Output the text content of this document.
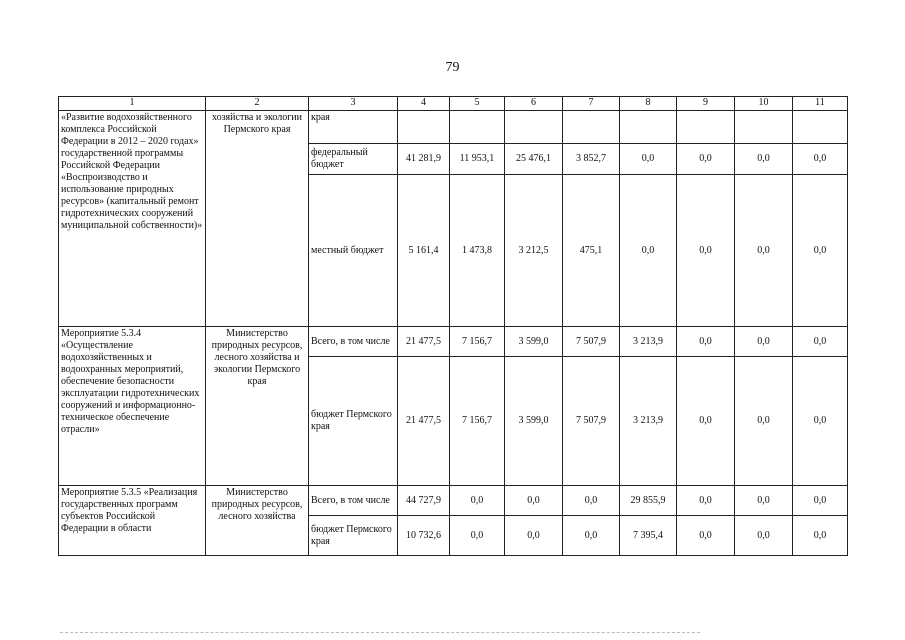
79
1	2	3	4	5	6	7	8	9	10	11
«Развитие водохозяйственного комплекса Российской Федерации в 2012 – 2020 годах» государственной программы Российской Федерации «Воспроизводство и использование природных ресурсов» (капитальный ремонт гидротехнических сооружений муниципальной собственности)»	хозяйства и экологии Пермского края	края								
		федеральный бюджет	41 281,9	11 953,1	25 476,1	3 852,7	0,0	0,0	0,0	0,0
		местный бюджет	5 161,4	1 473,8	3 212,5	475,1	0,0	0,0	0,0	0,0
Мероприятие 5.3.4 «Осуществление водохозяйственных и водоохранных мероприятий, обеспечение безопасности эксплуатации гидротехнических сооружений и информационно-техническое обеспечение отрасли»	Министерство природных ресурсов, лесного хозяйства и экологии Пермского края	Всего, в том числе	21 477,5	7 156,7	3 599,0	7 507,9	3 213,9	0,0	0,0	0,0
		бюджет Пермского края	21 477,5	7 156,7	3 599,0	7 507,9	3 213,9	0,0	0,0	0,0
Мероприятие 5.3.5 «Реализация государственных программ субъектов Российской Федерации в области	Министерство природных ресурсов, лесного хозяйства	Всего, в том числе	44 727,9	0,0	0,0	0,0	29 855,9	0,0	0,0	0,0
		бюджет Пермского края	10 732,6	0,0	0,0	0,0	7 395,4	0,0	0,0	0,0
